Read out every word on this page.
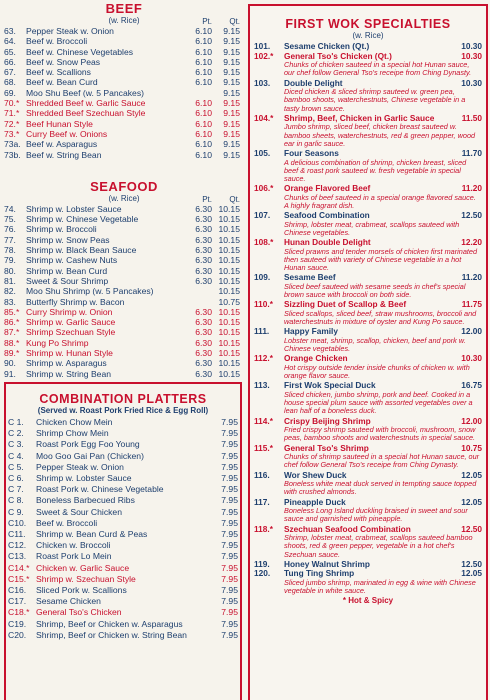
BEEF
(w. Rice)	Pt.	Qt.
63.	Pepper Steak w. Onion	6.10	9.15
64.	Beef w. Broccoli	6.10	9.15
65.	Beef w. Chinese Vegetables	6.10	9.15
66.	Beef w. Snow Peas	6.10	9.15
67.	Beef w. Scallions	6.10	9.15
68.	Beef w. Bean Curd	6.10	9.15
69.	Moo Shu Beef (w. 5 Pancakes)	9.15
70.* Shredded Beef w. Garlic Sauce	6.10	9.15
71.* Shredded Beef Szechuan Style	6.10	9.15
72.* Beef Hunan Style	6.10	9.15
73.* Curry Beef w. Onions	6.10	9.15
73a. Beef w. Asparagus	6.10	9.15
73b. Beef w. String Bean	6.10	9.15
SEAFOOD
(w. Rice)	Pt.	Qt.
74.	Shrimp w. Lobster Sauce	6.30 10.15
75.	Shrimp w. Chinese Vegetable	6.30 10.15
76.	Shrimp w. Broccoli	6.30 10.15
77.	Shrimp w. Snow Peas	6.30 10.15
78.	Shrimp w. Black Bean Sauce	6.30 10.15
79.	Shrimp w. Cashew Nuts	6.30 10.15
80.	Shrimp w. Bean Curd	6.30 10.15
81.	Sweet & Sour Shrimp	6.30 10.15
82.	Moo Shu Shrimp (w. 5 Pancakes)	10.15
83.	Butterfly Shrimp w. Bacon	10.75
85.* Curry Shrimp w. Onion	6.30 10.15
86.* Shrimp w. Garlic Sauce	6.30 10.15
87.* Shrimp Szechuan Style	6.30 10.15
88.* Kung Po Shrimp	6.30 10.15
89.* Shrimp w. Hunan Style	6.30 10.15
90.	Shrimp w. Asparagus	6.30 10.15
91.	Shrimp w. String Bean	6.30 10.15
COMBINATION PLATTERS
(Served w. Roast Pork Fried Rice & Egg Roll)
C 1.	Chicken Chow Mein	7.95
C 2.	Shrimp Chow Mein	7.95
C 3.	Roast Pork Egg Foo Young	7.95
C 4.	Moo Goo Gai Pan (Chicken)	7.95
C 5.	Pepper Steak w. Onion	7.95
C 6.	Shrimp w. Lobster Sauce	7.95
C 7.	Roast Pork w. Chinese Vegetable	7.95
C 8.	Boneless Barbecued Ribs	7.95
C 9.	Sweet & Sour Chicken	7.95
C10.	Beef w. Broccoli	7.95
C11.	Shrimp w. Bean Curd & Peas	7.95
C12.	Chicken w. Broccoli	7.95
C13.	Roast Pork Lo Mein	7.95
C14.* Chicken w. Garlic Sauce	7.95
C15.* Shrimp w. Szechuan Style	7.95
C16.	Sliced Pork w. Scallions	7.95
C17.	Sesame Chicken	7.95
C18.* General Tso's Chicken	7.95
C19.	Shrimp, Beef or Chicken w. Asparagus	7.95
C20.	Shrimp, Beef or Chicken w. String Bean	7.95
FIRST WOK SPECIALTIES
(w. Rice)
101.	Sesame Chicken (Qt.)	10.30
102.*	General Tso's Chicken (Qt.)	10.30
Chunks of chicken sauteed in a special hot Hunan sauce, our chef follow General Tso's receipe from Ching Dynasty.
103.	Double Delight	10.30
Diced chicken & sliced shrimp sauteed w. green pea, bamboo shoots, waterchestnuts, Chinese vegetable in a tasty brown sauce.
104.*	Shrimp, Beef, Chicken in Garlic Sauce	11.50
Jumbo shrimp, sliced beef, chicken breast sauteed w. bamboo sheets, waterchestnuts, red & green pepper, wood ear in garlic sauce.
105.	Four Seasons	11.70
A delicious combination of shrimp, chicken breast, sliced beef & roast pork sauteed w. fresh vegetable in special sauce.
106.*	Orange Flavored Beef	11.20
Chunks of beef sauteed in a special orange flavored sauce. A highly fragrant dish.
107.	Seafood Combination	12.50
Shrimp, lobster meat, crabmeat, scallops sauteed with Chinese vegetables.
108.*	Hunan Double Delight	12.20
Sliced prawns and tender morsels of chicken first marinated then sauteed with variety of Chinese vegetable in a hot Hunan sauce.
109.	Sesame Beef	11.20
Sliced beef sauteed with sesame seeds in chef's special brown sauce with broccoli on both side.
110.*	Sizzling Duet of Scallop & Beef	11.75
Sliced scallops, sliced beef, straw mushrooms, broccoli and waterchestnuts in mixture of oyster and Kung Po sauce.
111.	Happy Family	12.00
Lobster meat, shrimp, scallop, chicken, beef and pork w. Chinese vegetables.
112.*	Orange Chicken	10.30
Hot crispy outside tender inside chunks of chicken w. with orange flavor sauce.
113.	First Wok Special Duck	16.75
Sliced chicken, jumbo shrimp, pork and beef. Cooked in a house special plum sauce with assorted vegetables over a lean half of a boneless duck.
114.*	Crispy Beijing Shrimp	12.00
Fried crispy shrimp sauteed with broccoli, mushroom, snow peas, bamboo shoots and waterchestnuts in special sauce.
115.*	General Tso's Shrimp	10.75
Chunks of shrimp sauteed in a special hot Hunan sauce, our chef follow General Tso's receipe from Ching Dynasty.
116.	Wor Shew Duck	12.05
Boneless white meat duck served in tempting sauce topped with crushed almonds.
117.	Pineapple Duck	12.05
Boneless Long Island duckling braised in sweet and sour sauce and garnished with pineapple.
118.*	Szechuan Seafood Combination	12.50
Shrimp, lobster meat, crabmeat, scallops sauteed bamboo shoots, red & green pepper, vegetable in a hot chef's Szechuan sauce.
119.	Honey Walnut Shrimp	12.50
120.	Tung Ting Shrimp	12.05
Sliced jumbo shrimp, marinated in egg & wine with Chinese vegetable in white sauce.
* Hot & Spicy
